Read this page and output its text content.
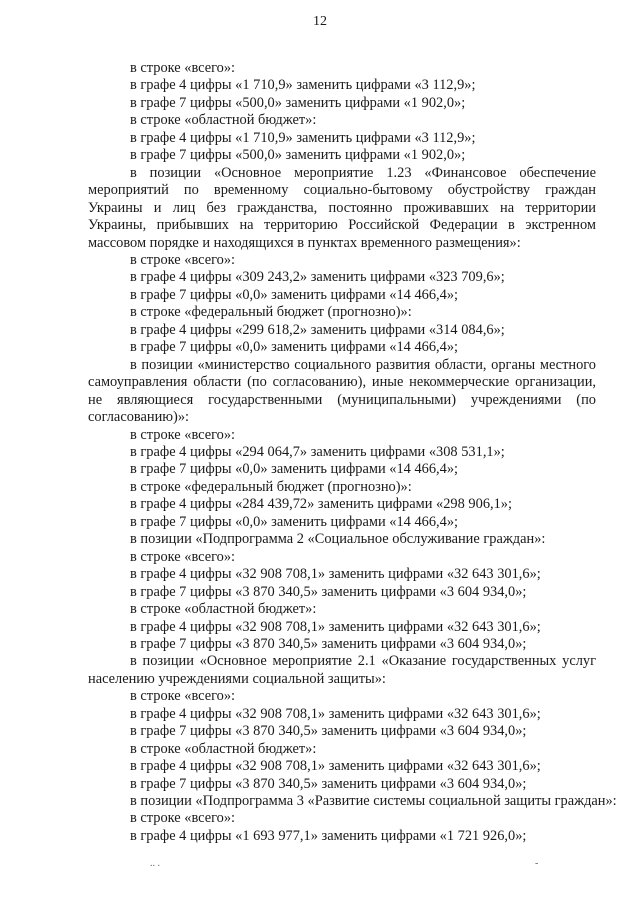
12
в строке «всего»:
в графе 4 цифры «1 710,9» заменить цифрами «3 112,9»;
в графе 7 цифры «500,0» заменить цифрами «1 902,0»;
в строке «областной бюджет»:
в графе 4 цифры «1 710,9» заменить цифрами «3 112,9»;
в графе 7 цифры «500,0» заменить цифрами «1 902,0»;

в позиции «Основное мероприятие 1.23 «Финансовое обеспечение мероприятий по временному социально-бытовому обустройству граждан Украины и лиц без гражданства, постоянно проживавших на территории Украины, прибывших на территорию Российской Федерации в экстренном массовом порядке и находящихся в пунктах временного размещения»:

в строке «всего»:
в графе 4 цифры «309 243,2» заменить цифрами «323 709,6»;
в графе 7 цифры «0,0» заменить цифрами «14 466,4»;
в строке «федеральный бюджет (прогнозно)»:
в графе 4 цифры «299 618,2» заменить цифрами «314 084,6»;
в графе 7 цифры «0,0» заменить цифрами «14 466,4»;

в позиции «министерство социального развития области, органы местного самоуправления области (по согласованию), иные некоммерческие организации, не являющиеся государственными (муниципальными) учреждениями (по согласованию)»:

в строке «всего»:
в графе 4 цифры «294 064,7» заменить цифрами «308 531,1»;
в графе 7 цифры «0,0» заменить цифрами «14 466,4»;
в строке «федеральный бюджет (прогнозно)»:
в графе 4 цифры «284 439,72» заменить цифрами «298 906,1»;
в графе 7 цифры «0,0» заменить цифрами «14 466,4»;
в позиции «Подпрограмма 2 «Социальное обслуживание граждан»:
в строке «всего»:
в графе 4 цифры «32 908 708,1» заменить цифрами «32 643 301,6»;
в графе 7 цифры «3 870 340,5» заменить цифрами «3 604 934,0»;
в строке «областной бюджет»:
в графе 4 цифры «32 908 708,1» заменить цифрами «32 643 301,6»;
в графе 7 цифры «3 870 340,5» заменить цифрами «3 604 934,0»;

в позиции «Основное мероприятие 2.1 «Оказание государственных услуг населению учреждениями социальной защиты»:

в строке «всего»:
в графе 4 цифры «32 908 708,1» заменить цифрами «32 643 301,6»;
в графе 7 цифры «3 870 340,5» заменить цифрами «3 604 934,0»;
в строке «областной бюджет»:
в графе 4 цифры «32 908 708,1» заменить цифрами «32 643 301,6»;
в графе 7 цифры «3 870 340,5» заменить цифрами «3 604 934,0»;
в позиции «Подпрограмма 3 «Развитие системы социальной защиты граждан»:
в строке «всего»:
в графе 4 цифры «1 693 977,1» заменить цифрами «1 721 926,0»;
.. .	-
